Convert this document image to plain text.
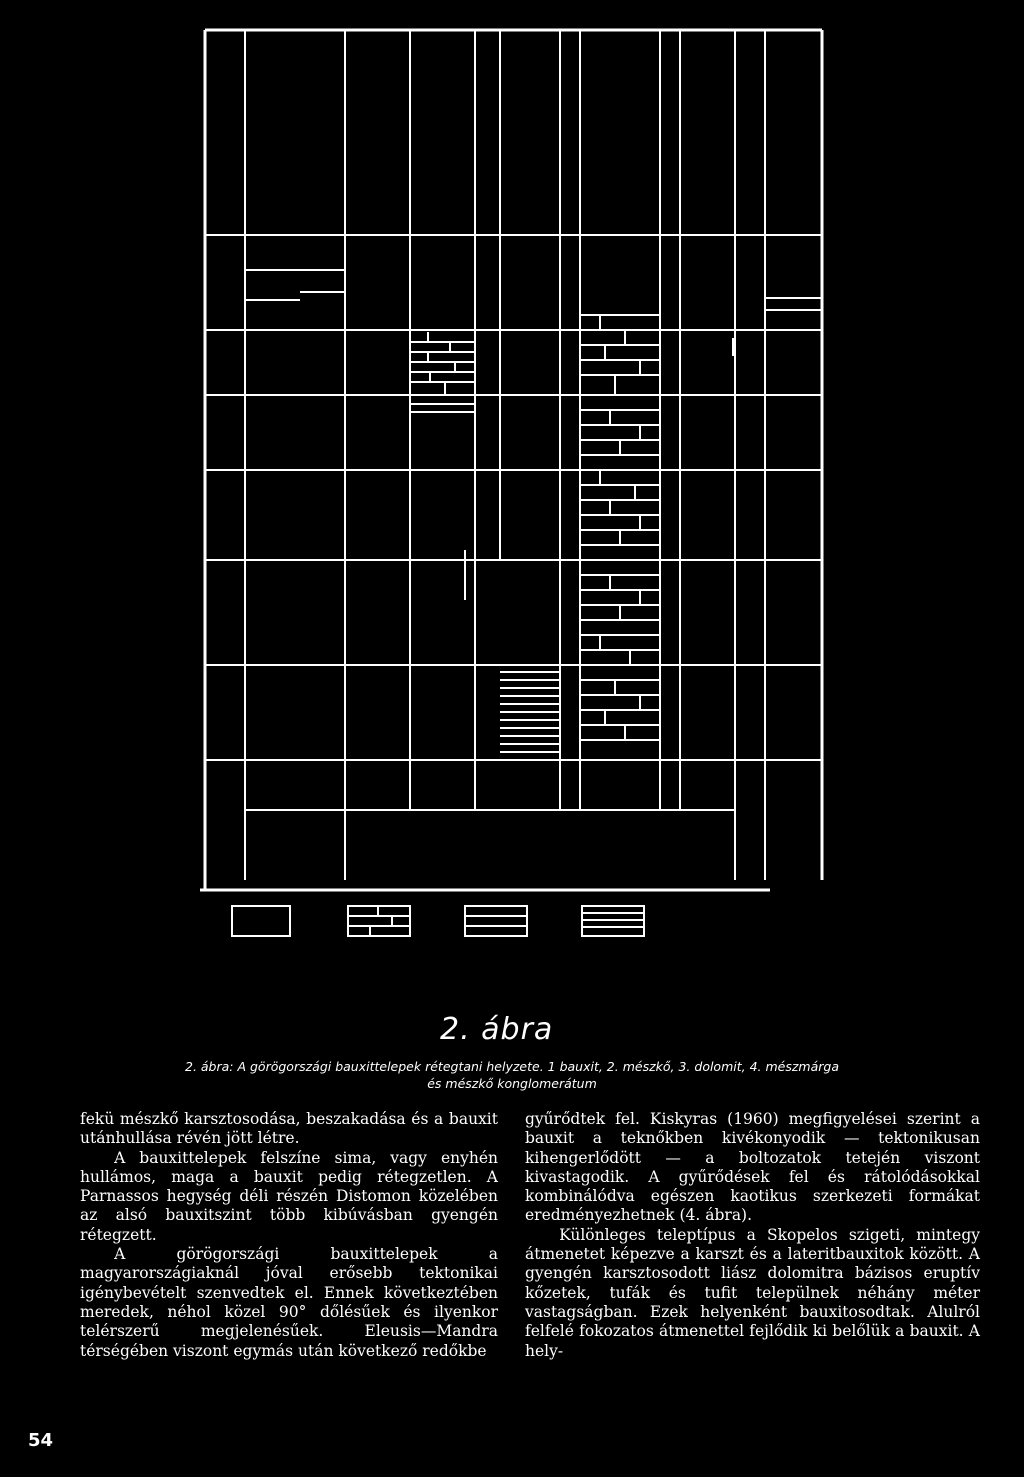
2. ábra
2. ábra: A görögországi bauxittelepek rétegtani helyzete. 1 bauxit, 2. mészkő, 3. dolomit, 4. mészmárga
és mészkő konglomerátum

fekü mészkő karsztosodása, beszakadása és a bauxit utánhullása révén jött létre.

A bauxittelepek felszíne sima, vagy enyhén hullámos, maga a bauxit pedig rétegzetlen. A Parnassos hegység déli részén Distomon közelében az alsó bauxitszint több kibúvásban gyengén rétegzett.

A görögországi bauxittelepek a magyarországiaknál jóval erősebb tektonikai igénybevételt szenvedtek el. Ennek következtében meredek, néhol közel 90° dőlésűek és ilyenkor telérszerű megjelenésűek. Eleusis—Mandra térségében viszont egymás után következő redőkbe

gyűrődtek fel. Kiskyras (1960) megfigyelései szerint a bauxit a teknőkben kivékonyodik — tektonikusan kihengerlődött — a boltozatok tetején viszont kivastagodik. A gyűrődések fel és rátolódásokkal kombinálódva egészen kaotikus szerkezeti formákat eredményezhetnek (4. ábra).

Különleges teleptípus a Skopelos szigeti, mintegy átmenetet képezve a karszt és a lateritbauxitok között. A gyengén karsztosodott liász dolomitra bázisos eruptív kőzetek, tufák és tufit települnek néhány méter vastagságban. Ezek helyenként bauxitosodtak. Alulról felfelé fokozatos átmenettel fejlődik ki belőlük a bauxit. A hely-

54
